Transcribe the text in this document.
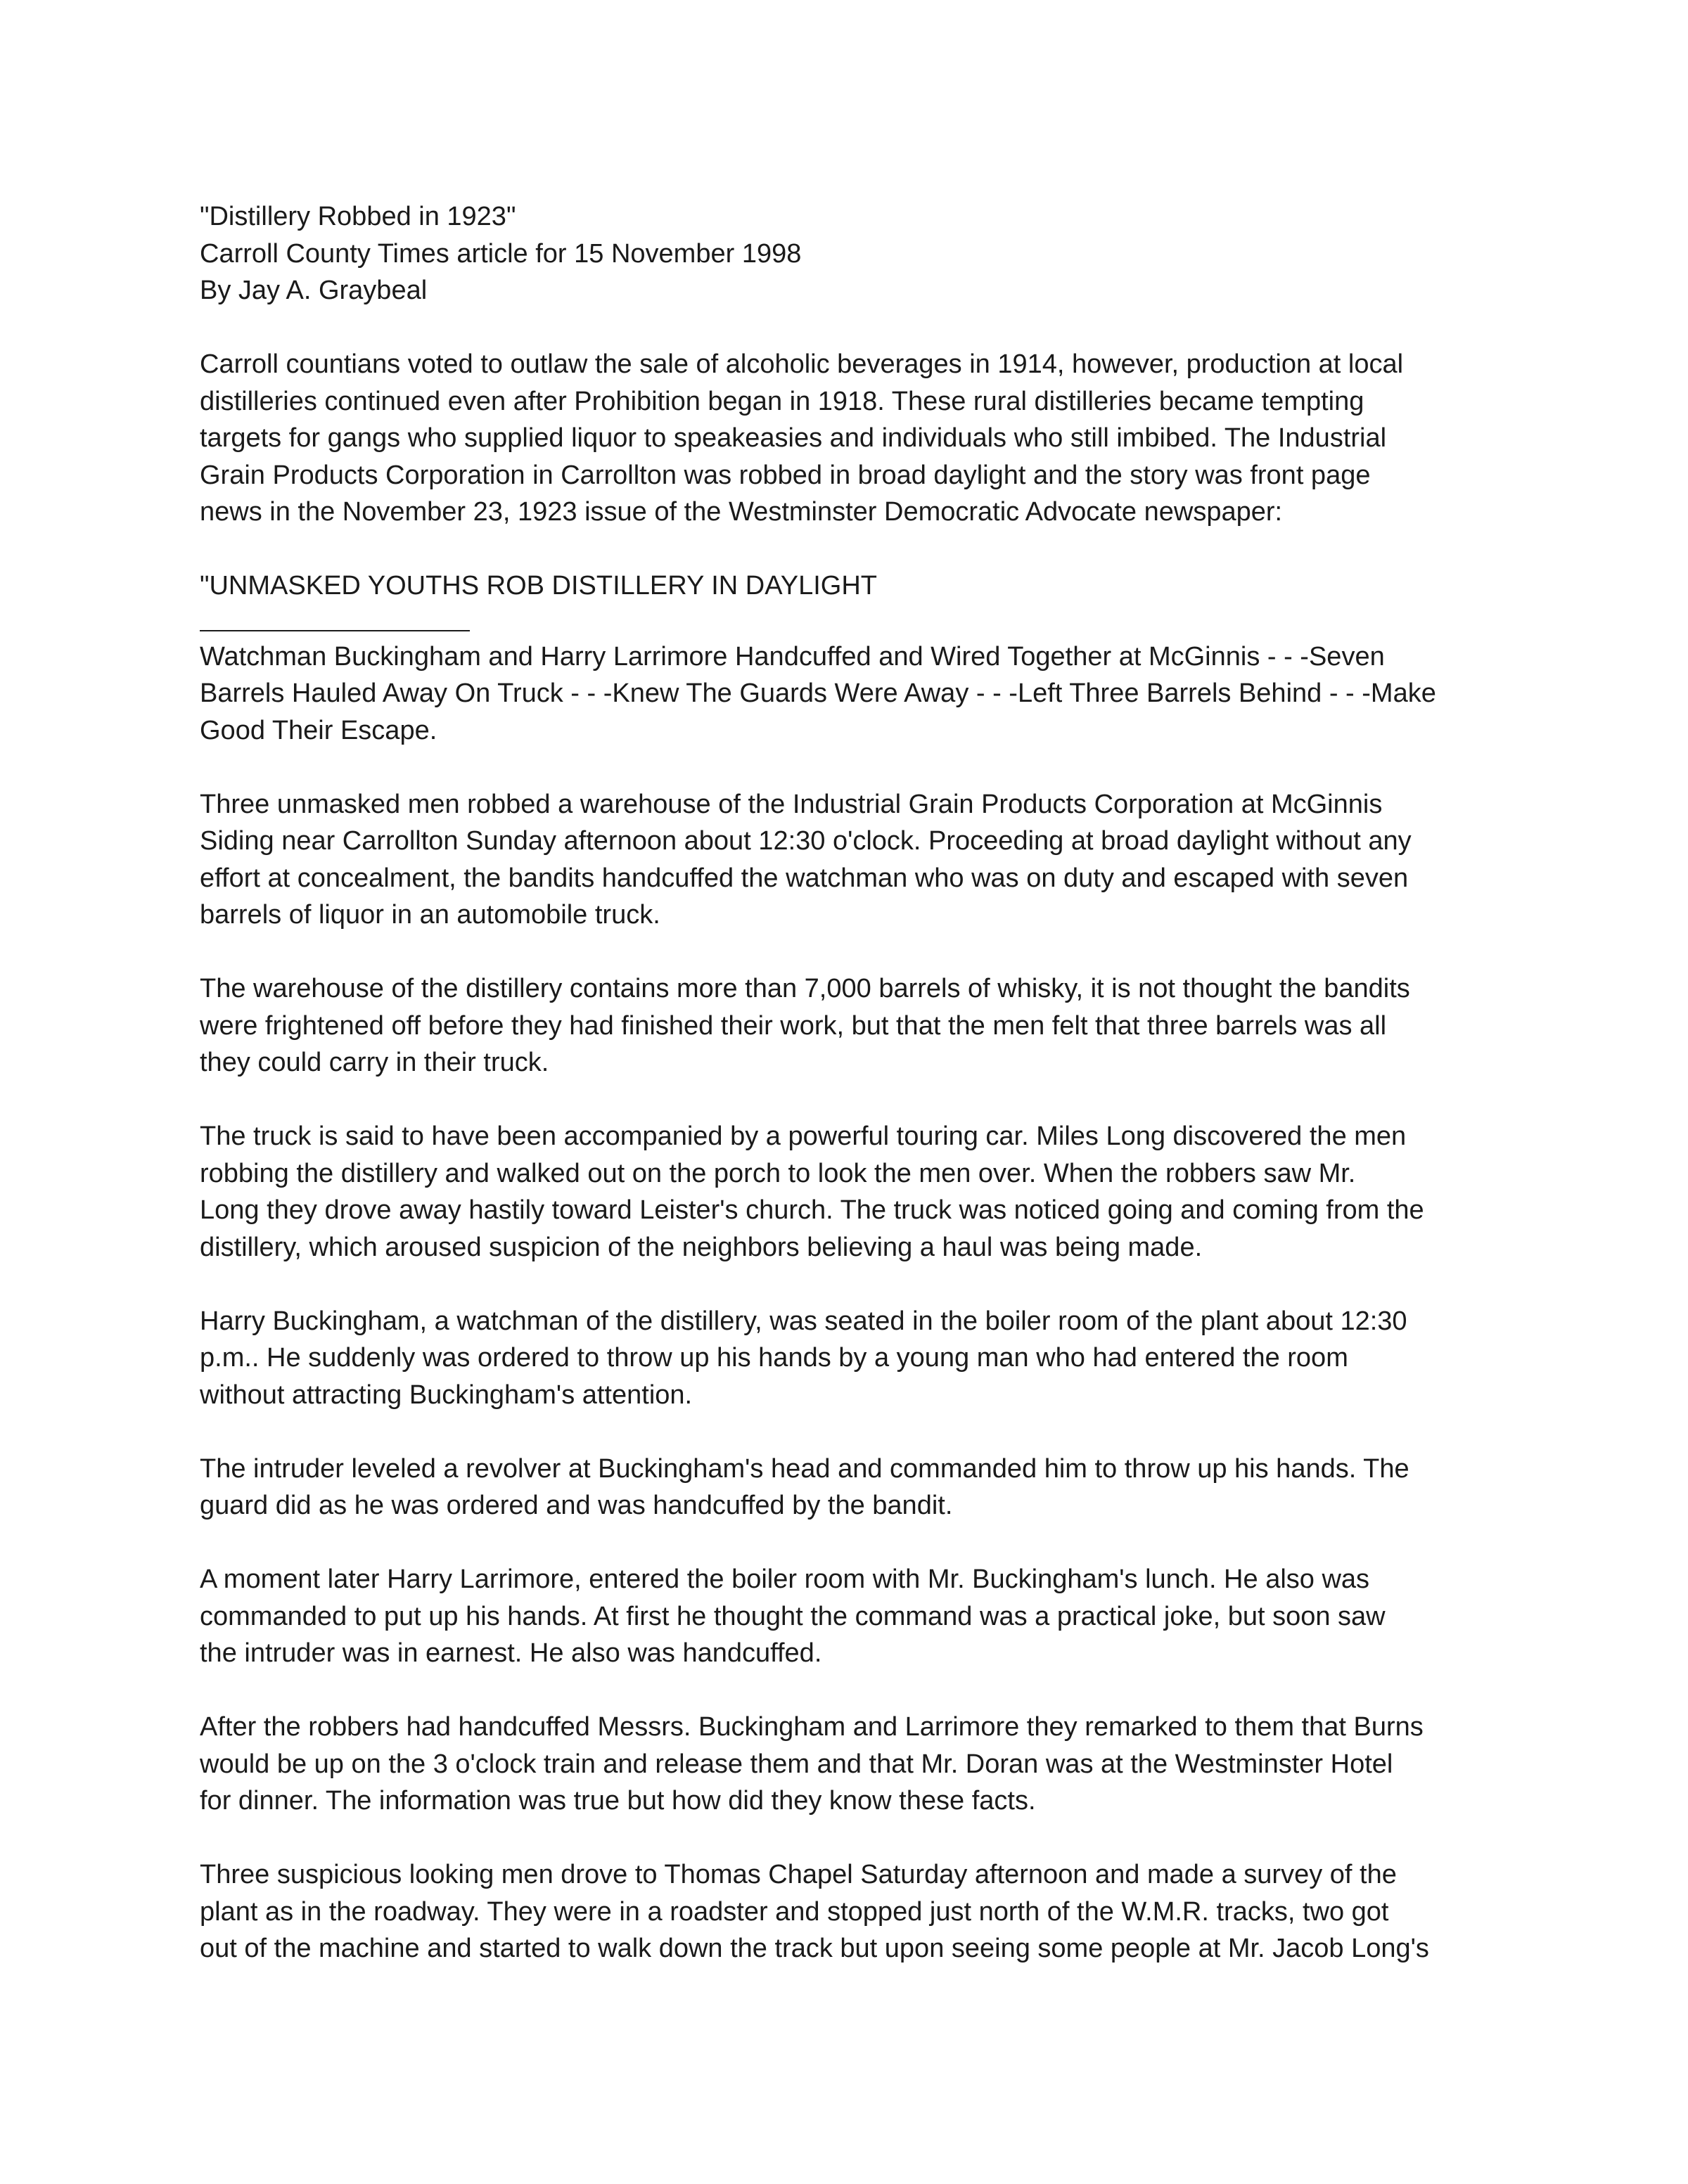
"Distillery Robbed in 1923"
Carroll County Times article for 15 November 1998
By Jay A. Graybeal
Carroll countians voted to outlaw the sale of alcoholic beverages in 1914, however, production at local
distilleries continued even after Prohibition began in 1918. These rural distilleries became tempting
targets for gangs who supplied liquor to speakeasies and individuals who still imbibed. The Industrial
Grain Products Corporation in Carrollton was robbed in broad daylight and the story was front page
news in the November 23, 1923 issue of the Westminster Democratic Advocate newspaper:
"UNMASKED YOUTHS ROB DISTILLERY IN DAYLIGHT
Watchman Buckingham and Harry Larrimore Handcuffed and Wired Together at McGinnis - - -Seven
Barrels Hauled Away On Truck - - -Knew The Guards Were Away - - -Left Three Barrels Behind - - -Make
Good Their Escape.
Three unmasked men robbed a warehouse of the Industrial Grain Products Corporation at McGinnis
Siding near Carrollton Sunday afternoon about 12:30 o'clock. Proceeding at broad daylight without any
effort at concealment, the bandits handcuffed the watchman who was on duty and escaped with seven
barrels of liquor in an automobile truck.
The warehouse of the distillery contains more than 7,000 barrels of whisky, it is not thought the bandits
were frightened off before they had finished their work, but that the men felt that three barrels was all
they could carry in their truck.
The truck is said to have been accompanied by a powerful touring car. Miles Long discovered the men
robbing the distillery and walked out on the porch to look the men over. When the robbers saw Mr.
Long they drove away hastily toward Leister's church. The truck was noticed going and coming from the
distillery, which aroused suspicion of the neighbors believing a haul was being made.
Harry Buckingham, a watchman of the distillery, was seated in the boiler room of the plant about 12:30
p.m.. He suddenly was ordered to throw up his hands by a young man who had entered the room
without attracting Buckingham's attention.
The intruder leveled a revolver at Buckingham's head and commanded him to throw up his hands. The
guard did as he was ordered and was handcuffed by the bandit.
A moment later Harry Larrimore, entered the boiler room with Mr. Buckingham's lunch. He also was
commanded to put up his hands. At first he thought the command was a practical joke, but soon saw
the intruder was in earnest. He also was handcuffed.
After the robbers had handcuffed Messrs. Buckingham and Larrimore they remarked to them that Burns
would be up on the 3 o'clock train and release them and that Mr. Doran was at the Westminster Hotel
for dinner. The information was true but how did they know these facts.
Three suspicious looking men drove to Thomas Chapel Saturday afternoon and made a survey of the
plant as in the roadway. They were in a roadster and stopped just north of the W.M.R. tracks, two got
out of the machine and started to walk down the track but upon seeing some people at Mr. Jacob Long's
